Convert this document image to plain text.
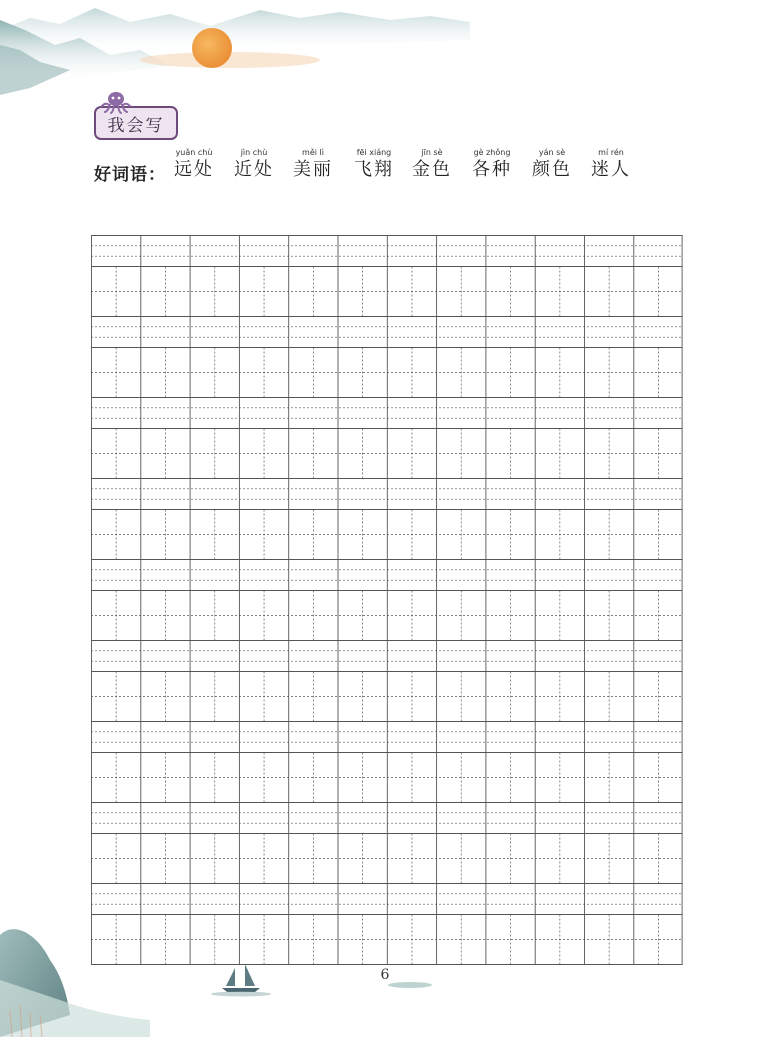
我会写
好词语：
yuǎn chù
远处
jìn chù
近处
měi lì
美丽
fēi xiáng
飞翔
jīn sè
金色
gè zhǒng
各种
yán sè
颜色
mí rén
迷人
6
